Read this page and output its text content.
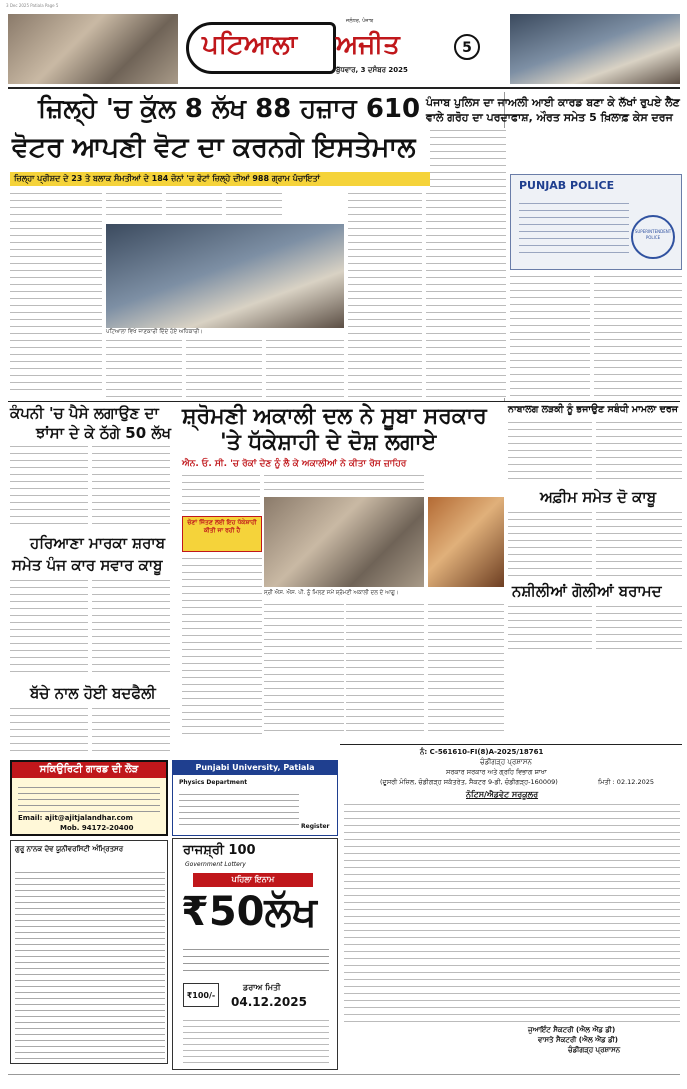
3 Dec 2025 Patiala Page 5
ਪਟਿਆਲਾ ਅਜੀਤ
ਜਲੰਧਰ, ਪੰਜਾਬ
ਬੁੱਧਵਾਰ, 3 ਦਸੰਬਰ 2025
5
ਜ਼ਿਲ੍ਹੇ 'ਚ ਕੁੱਲ 8 ਲੱਖ 88 ਹਜ਼ਾਰ 610
ਵੋਟਰ ਆਪਣੀ ਵੋਟ ਦਾ ਕਰਨਗੇ ਇਸਤੇਮਾਲ
ਜ਼ਿਲ੍ਹਾ ਪ੍ਰੀਸ਼ਦ ਦੇ 23 ਤੇ ਬਲਾਕ ਸੰਮਤੀਆਂ ਦੇ 184 ਜ਼ੋਨਾਂ 'ਚ ਵੋਟਾਂ ਜ਼ਿਲ੍ਹੇ ਦੀਆਂ 988 ਗ੍ਰਾਮ ਪੰਚਾਇਤਾਂ
ਪਟਿਆਲਾ ਵਿਖੇ ਜਾਣਕਾਰੀ ਦਿੰਦੇ ਹੋਏ ਅਧਿਕਾਰੀ।
ਪੰਜਾਬ ਪੁਲਿਸ ਦਾ ਜਾਅਲੀ ਆਈ ਕਾਰਡ ਬਣਾ ਕੇ ਲੱਖਾਂ ਰੁਪਏ ਲੈਣ
ਵਾਲੇ ਗਰੋਹ ਦਾ ਪਰਦਾਫਾਸ਼, ਔਰਤ ਸਮੇਤ 5 ਖ਼ਿਲਾਫ਼ ਕੇਸ ਦਰਜ
PUNJAB POLICE
SUPERINTENDENT POLICE
ਕੰਪਨੀ 'ਚ ਪੈਸੇ ਲਗਾਉਣ ਦਾ
ਝਾਂਸਾ ਦੇ ਕੇ ਠੱਗੇ 50 ਲੱਖ
ਸ਼੍ਰੋਮਣੀ ਅਕਾਲੀ ਦਲ ਨੇ ਸੂਬਾ ਸਰਕਾਰ
'ਤੇ ਧੱਕੇਸ਼ਾਹੀ ਦੇ ਦੋਸ਼ ਲਗਾਏ
ਐਨ. ਓ. ਸੀ. 'ਚ ਰੋਕਾਂ ਦੇਣ ਨੂੰ ਲੈ ਕੇ ਅਕਾਲੀਆਂ ਨੇ ਕੀਤਾ ਰੋਸ ਜ਼ਾਹਿਰ
ਚੋਣਾਂ ਜਿੱਤਣ ਲਈ ਇਹ ਧੱਕੇਸ਼ਾਹੀ ਕੀਤੀ ਜਾ ਰਹੀ ਹੈ
ਸ੍ਰੀ ਐਸ. ਐਸ. ਪੀ. ਨੂੰ ਮਿਲਣ ਸਮੇਂ ਸ਼੍ਰੋਮਣੀ ਅਕਾਲੀ ਦਲ ਦੇ ਆਗੂ।
ਨਾਬਾਲਗ ਲੜਕੀ ਨੂੰ ਭਜਾਉਣ ਸਬੰਧੀ ਮਾਮਲਾ ਦਰਜ
ਅਫ਼ੀਮ ਸਮੇਤ ਦੋ ਕਾਬੂ
ਨਸ਼ੀਲੀਆਂ ਗੋਲੀਆਂ ਬਰਾਮਦ
ਹਰਿਆਣਾ ਮਾਰਕਾ ਸ਼ਰਾਬ
ਸਮੇਤ ਪੰਜ ਕਾਰ ਸਵਾਰ ਕਾਬੂ
ਬੱਚੇ ਨਾਲ ਹੋਈ ਬਦਫੈਲੀ
ਨੰ: C-561610-FI(8)A-2025/18761
ਚੰਡੀਗੜ੍ਹ ਪ੍ਰਸ਼ਾਸਨ
ਸਰਕਾਰ ਸਰਕਾਰ ਅਤੇ ਗ੍ਰਹਿ ਵਿਭਾਗ ਸ਼ਾਖਾ
(ਦੂਸਰੀ ਮੰਜ਼ਿਲ, ਚੰਡੀਗੜ੍ਹ ਸਕੱਤਰੇਤ, ਸੈਕਟਰ 9-ਡੀ, ਚੰਡੀਗੜ੍ਹ-160009)	ਮਿਤੀ : 02.12.2025
ਨੋਟਿਸ/ਐਡਵੇਟ ਸਰਕੂਲਰ
ਜੁਆਇੰਟ ਸੈਕਟਰੀ (ਐਲ ਐਂਡ ਡੀ)
ਵਾਸਤੇ ਸੈਕਟਰੀ (ਐਲ ਐਂਡ ਡੀ)
ਚੰਡੀਗੜ੍ਹ ਪ੍ਰਸ਼ਾਸਨ
ਸਕਿਉਰਿਟੀ ਗਾਰਡ ਦੀ ਲੋੜ
Email: ajit@ajitjalandhar.com
Mob. 94172-20400
Punjabi University, Patiala
Physics Department
Register
ਰਾਜਸ਼੍ਰੀ 100
Government Lottery
ਪਹਿਲਾ ਇਨਾਮ
₹50ਲੱਖ
₹100/-
ਡਰਾਅ ਮਿਤੀ
04.12.2025
ਗੁਰੂ ਨਾਨਕ ਦੇਵ ਯੂਨੀਵਰਸਿਟੀ ਅੰਮ੍ਰਿਤਸਰ
